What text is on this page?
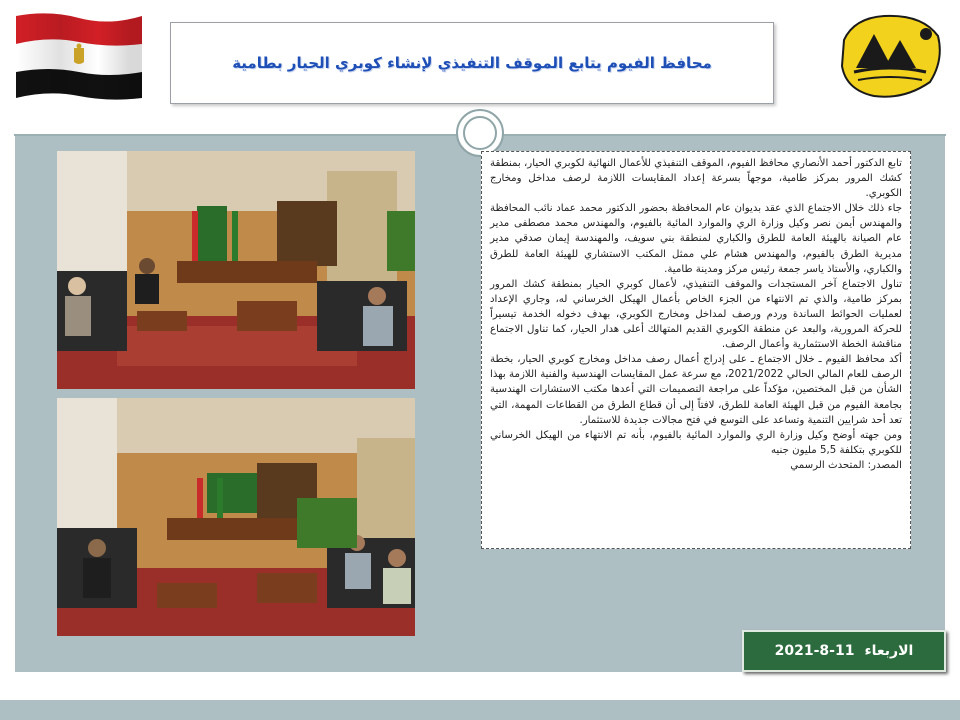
محافظ الفيوم يتابع الموقف التنفيذي لإنشاء كوبري الحيار بطامية

تابع الدكتور أحمد الأنصاري محافظ الفيوم، الموقف التنفيذي للأعمال النهائية لكوبري الحيار، بمنطقة كشك المرور بمركز طامية، موجهاً بسرعة إعداد المقايسات اللازمة لرصف مداخل ومخارج الكوبري.

جاء ذلك خلال الاجتماع الذي عقد بديوان عام المحافظة بحضور الدكتور محمد عماد نائب المحافظة والمهندس أيمن نصر وكيل وزارة الري والموارد المائية بالفيوم، والمهندس محمد مصطفى مدير عام الصيانة بالهيئة العامة للطرق والكباري لمنطقة بني سويف، والمهندسة إيمان صدقي مدير مديرية الطرق بالفيوم، والمهندس هشام علي ممثل المكتب الاستشاري للهيئة العامة للطرق والكباري، والأستاذ ياسر جمعة رئيس مركز ومدينة طامية.

تناول الاجتماع آخر المستجدات والموقف التنفيذي، لأعمال كوبري الحيار بمنطقة كشك المرور بمركز طامية، والذي تم الانتهاء من الجزء الخاص بأعمال الهيكل الخرساني له، وجاري الإعداد لعمليات الحوائط الساندة وردم ورصف لمداخل ومخارج الكوبري، بهدف دخوله الخدمة تيسيراً للحركة المرورية، والبعد عن منطقة الكوبري القديم المتهالك أعلى هدار الحيار، كما تناول الاجتماع مناقشة الخطة الاستثمارية وأعمال الرصف.

أكد محافظ الفيوم ـ خلال الاجتماع ـ على إدراج أعمال رصف مداخل ومخارج كوبري الحيار، بخطة الرصف للعام المالي الحالي 2021/2022، مع سرعة عمل المقايسات الهندسية والفنية اللازمة بهذا الشأن من قبل المختصين، مؤكداً على مراجعة التصميمات التي أعدها مكتب الاستشارات الهندسية بجامعة الفيوم من قبل الهيئة العامة للطرق، لافتاً إلى أن قطاع الطرق من القطاعات المهمة، التي تعد أحد شرايين التنمية وتساعد على التوسع في فتح مجالات جديدة للاستثمار.

ومن جهته أوضح وكيل وزارة الري والموارد المائية بالفيوم، بأنه تم الانتهاء من الهيكل الخرساني للكوبري بتكلفة 5,5 مليون جنيه

المصدر: المتحدث الرسمي

2021-8-11 الاربعاء
